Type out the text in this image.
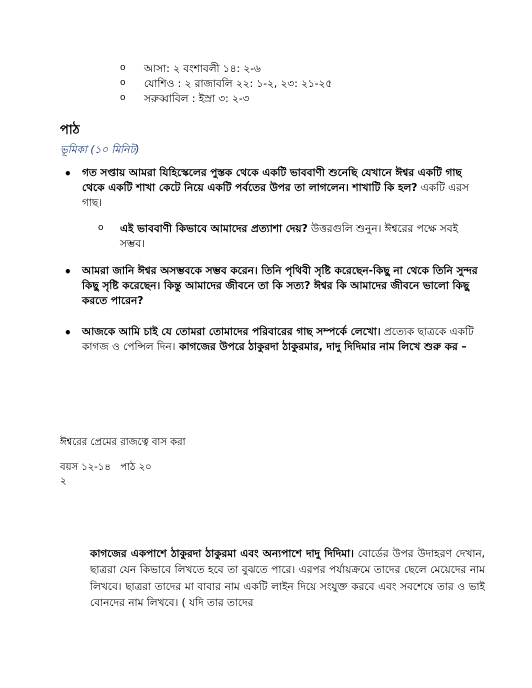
o আসা: ২ বংশাবলী ১৪: ২-৬
o যোশিও : ২ রাজাবলি ২২: ১-২, ২৩: ২১-২৫
o সরুব্বাবিল : ইস্রা ৩: ২-৩
পাঠ
ভূমিকা (১০ মিনিট)
• গত সপ্তায় আমরা যিহিস্কেলের পুস্তক থেকে একটি ভাববাণী শুনেছি যেখানে ঈশ্বর একটি গাছ থেকে একটি শাখা কেটে নিয়ে একটি পর্বতের উপর তা লাগলেন। শাখাটি কি হল? একটি এরস গাছ।
o এই ভাববাণী কিভাবে আমাদের প্রত্যাশা দেয়? উত্তরগুলি শুনুন। ঈশ্বরের পক্ষে সবই সম্ভব।
• আমরা জানি ঈশ্বর অসম্ভবকে সম্ভব করেন। তিনি পৃথিবী সৃষ্টি করেছেন-কিছু না থেকে তিনি সুন্দর কিছু সৃষ্টি করেছেন। কিন্তু আমাদের জীবনে তা কি সত্য? ঈশ্বর কি আমাদের জীবনে ভালো কিছু করতে পারেন?
• আজকে আমি চাই যে তোমরা তোমাদের পরিবারের গাছ সম্পর্কে লেখো। প্রত্যেক ছাত্রকে একটি কাগজ ও পেন্সিল দিন। কাগজের উপরে ঠাকুরদা ঠাকুরমার, দাদু দিদিমার নাম লিখে শুরু কর –
ঈশ্বরের প্রেমের রাজত্বে বাস করা
বয়স ১২-১৪   পাঠ ২০
২
কাগজের একপাশে ঠাকুরদা ঠাকুরমা এবং অন্যপাশে দাদু দিদিমা। বোর্ডের উপর উদাহরণ দেখান, ছাত্ররা যেন কিভাবে লিখতে হবে তা বুঝতে পারে। এরপর পর্যায়ক্রমে তাদের ছেলে মেয়েদের নাম লিখবে। ছাত্ররা তাদের মা বাবার নাম একটি লাইন দিয়ে সংযুক্ত করবে এবং সবশেষে তার ও ভাই বোনদের নাম লিখবে। ( যদি তার তাদের
